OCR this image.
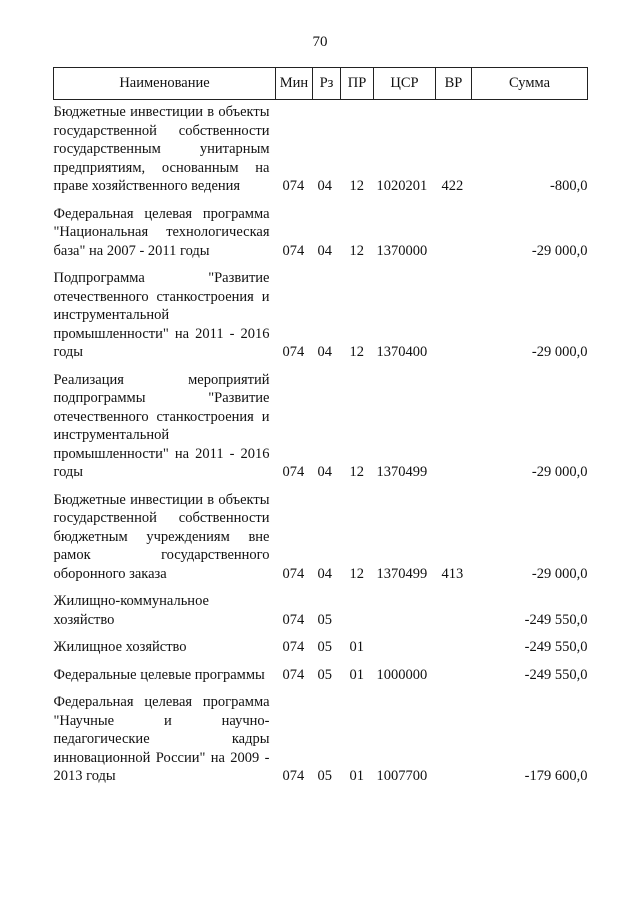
70
Наименование	Мин	Рз	ПР	ЦСР	ВР	Сумма
Бюджетные инвестиции в объекты государственной собственности государственным унитарным предприятиям, основанным на праве хозяйственного ведения	074	04	12	1020201	422	-800,0
Федеральная целевая программа "Национальная технологическая база" на 2007 - 2011 годы	074	04	12	1370000		-29 000,0
Подпрограмма "Развитие отечественного станкостроения и инструментальной промышленности" на 2011 - 2016 годы	074	04	12	1370400		-29 000,0
Реализация мероприятий подпрограммы "Развитие отечественного станкостроения и инструментальной промышленности" на 2011 - 2016 годы	074	04	12	1370499		-29 000,0
Бюджетные инвестиции в объекты государственной собственности бюджетным учреждениям вне рамок государственного оборонного заказа	074	04	12	1370499	413	-29 000,0
Жилищно-коммунальное хозяйство	074	05				-249 550,0
Жилищное хозяйство	074	05	01			-249 550,0
Федеральные целевые программы	074	05	01	1000000		-249 550,0
Федеральная целевая программа "Научные и научно-педагогические кадры инновационной России" на 2009 - 2013 годы	074	05	01	1007700		-179 600,0
